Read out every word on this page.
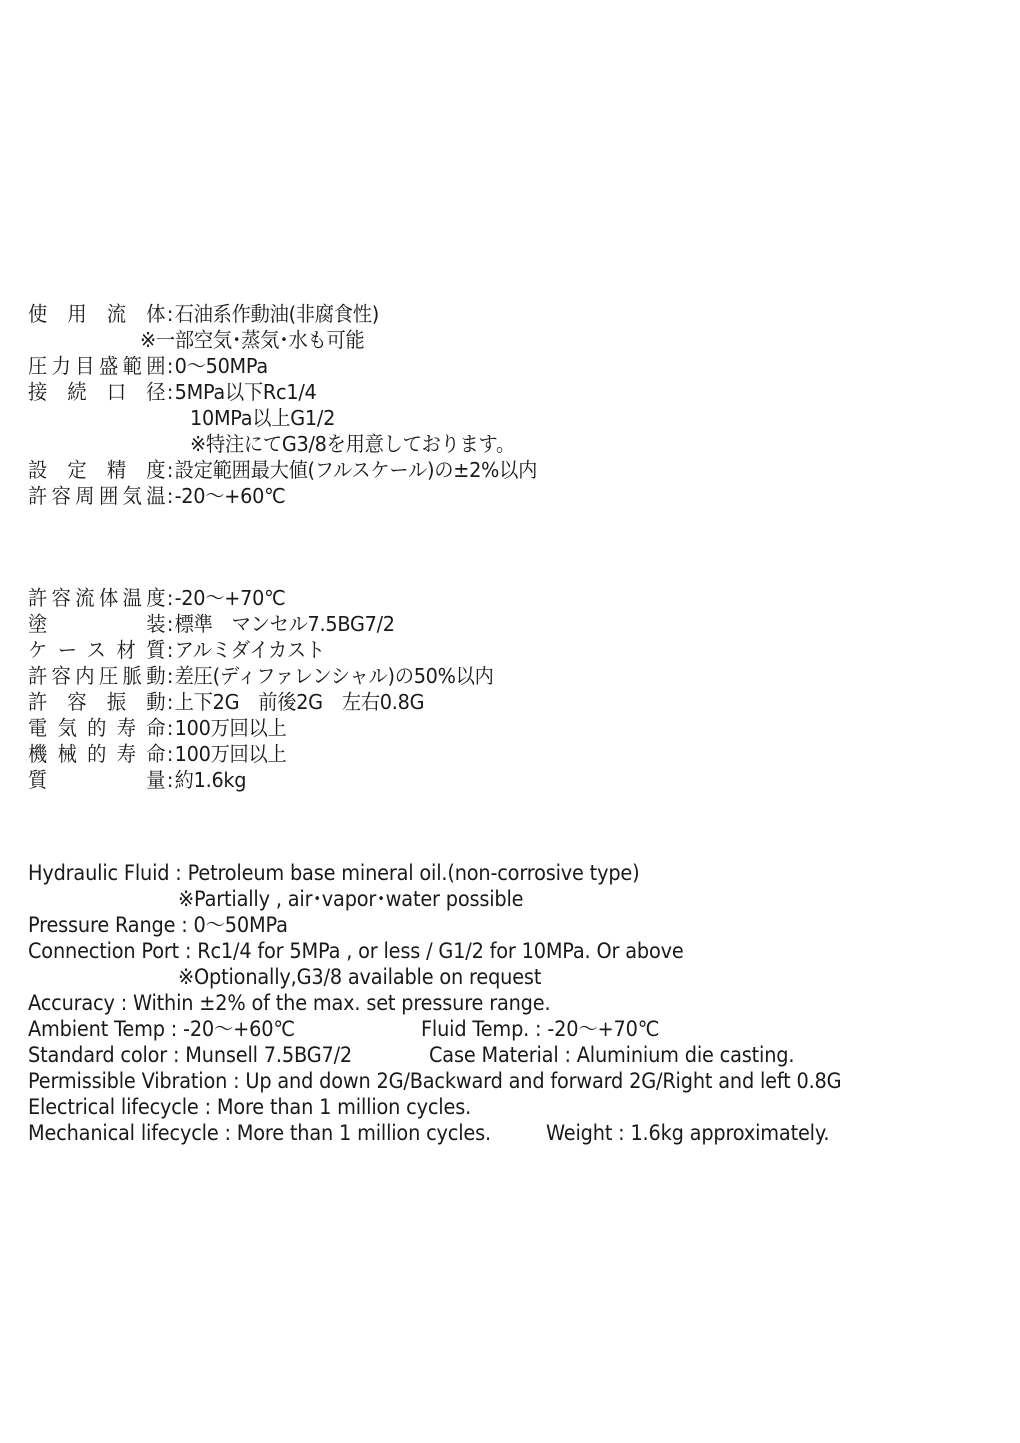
使用流体:石油系作動油(非腐食性)
※一部空気･蒸気･水も可能
圧力目盛範囲:0～50MPa
接続口径:5MPa以下Rc1/4
10MPa以上G1/2
※特注にてG3/8を用意しております。
設定精度:設定範囲最大値(フルスケール)の±2%以内
許容周囲気温:-20～+60℃
許容流体温度:-20～+70℃
塗装:標準　マンセル7.5BG7/2
ケース材質:アルミダイカスト
許容内圧脈動:差圧(ディファレンシャル)の50%以内
許容振動:上下2G　前後2G　左右0.8G
電気的寿命:100万回以上
機械的寿命:100万回以上
質量:約1.6kg
Hydraulic Fluid : Petroleum base mineral oil.(non-corrosive type)
※Partially , air･vapor･water possible
Pressure Range : 0～50MPa
Connection Port : Rc1/4 for 5MPa , or less / G1/2 for 10MPa. Or above
※Optionally,G3/8 available on request
Accuracy : Within ±2% of the max. set pressure range.
Ambient Temp : -20～+60℃	Fluid Temp. : -20～+70℃
Standard color : Munsell 7.5BG7/2	Case Material : Aluminium die casting.
Permissible Vibration : Up and down 2G/Backward and forward 2G/Right and left 0.8G
Electrical lifecycle : More than 1 million cycles.
Mechanical lifecycle : More than 1 million cycles.	Weight : 1.6kg approximately.
